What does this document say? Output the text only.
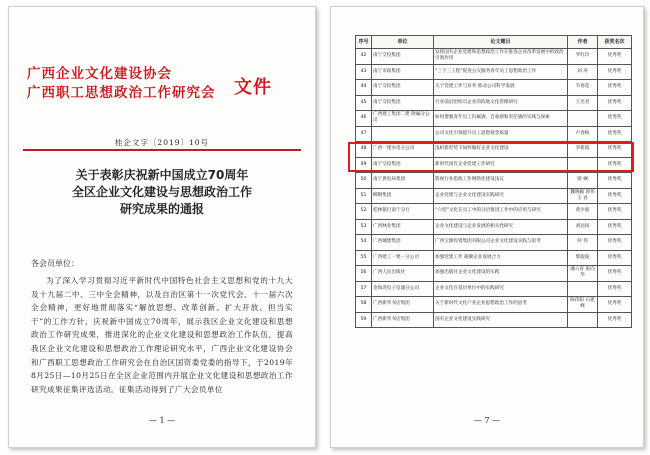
广西企业文化建设协会
广西职工思想政治工作研究会	文件
桂企文字〔2019〕10号
关于表彰庆祝新中国成立70周年
全区企业文化建设与思想政治工作
研究成果的通报
各会员单位：
为了深入学习贯彻习近平新时代中国特色社会主义思想和党的十九大及十九届二中、三中全会精神，以及自治区第十一次党代会、十一届六次全会精神，更好地贯彻落实“解放思想、改革创新、扩大开放、担当实干”的工作方针，庆祝新中国成立70周年，展示我区企业文化建设和思想政治工作研究成果，推进深化的企业文化建设和思想政治工作队伍，提高我区企业文化建设和思想政治工作理论研究水平，广西企业文化建设协会和广西职工思想政治工作研究会在自治区国资委党委的指导下，于2019年8月25日—10月25日在全区企业范围内开展企业文化建设和思想政治工作研究成果征集评选活动。征集活动得到了广大会员单位
— 1 —
序号	单位	论文题目	作者	获奖名次
42	南宁交投集团	发挥国有企业党建和思想政治工作在推进企业改革发展中的政治引领作用	罗红玲	优秀奖
43	南宁市政集团	“三个三工程”促进公交服务青年员工思想政治工作	刘 涛	优秀奖
44	南宁交投集团	关于党建工作与业务 推动公司科学发展	韦春花	优秀奖
45	南宁交投集团	行业前沿团校员企业的阵地文化管理研究	王允君	优秀奖
46	广西建工集团二建 附属分公司	如何增强青年员工归属感、自豪感和责任感的实践与探索		优秀奖
47		公司文化引领提升员工思想观念质量	卢春梅	优秀奖
48	广西一建水电分公司	浅析新形势下如何做好企业文化建设	李新霞	优秀奖
49	南宁交投集团	新时代国有企业党建工作研究		优秀奖
50	南宁供电局集团	影视行业思政工作网络化建设浅议	梁 娴	优秀奖
51	柳钢集团	企业党建与企业文化建设实践研究	魏晓颖 郭伟 王 君	优秀奖
52	桂林银行南宁分行	“六型”文化在员工中的分层推进工作中的应用与研究	黄少波	优秀奖
53	广西林业集团	企业文化建设与企业发展的相关性研究	刘达扬	优秀奖
54	广西城建集团	广西宝源投资集团有限公司企业文化建设实践与思考	何 伟	优秀奖
55	广西建工一建一分公司	加强党建工作 凝聚企业发展合力	黎旋波	优秀奖
56	广西人民出版社	加强出版社企业文化建设的实践	潘六育 张向华	优秀奖
57	金海湾电子仪器分公司	企业文化在基层单位中的实践研究		优秀奖
58	广西新华书店集团	关于新时代文化产业企业思想政治工作的思考	陈伟阳 石建峰	优秀奖
59	广西新华书店集团	国有企业文化建设实践研究		优秀奖
— 7 —
